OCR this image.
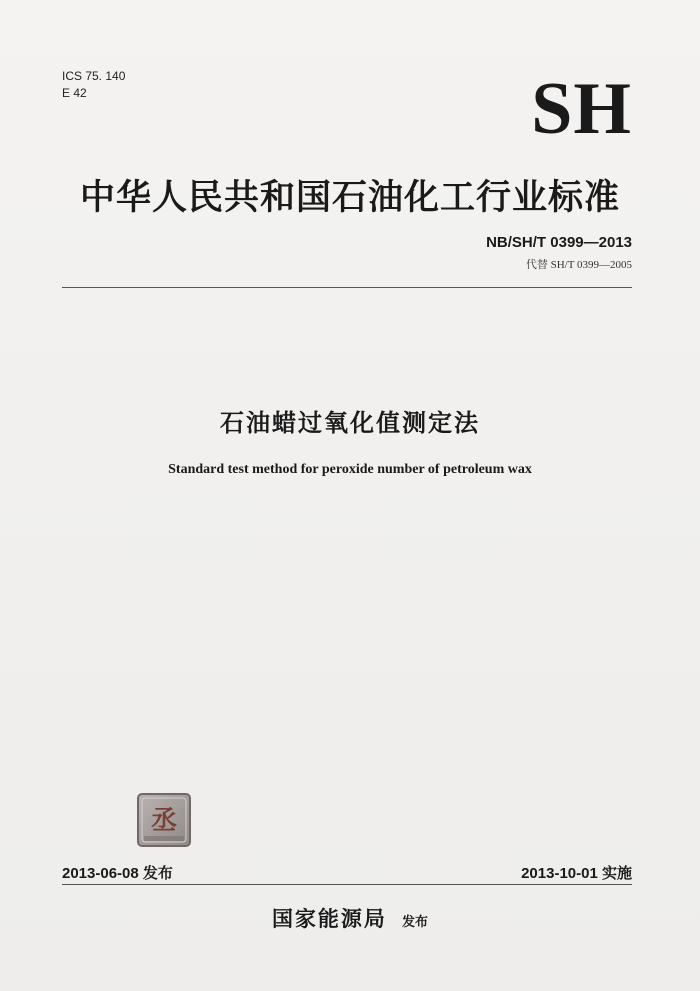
ICS 75. 140
E 42	SH
中华人民共和国石油化工行业标准
NB/SH/T 0399—2013
代替 SH/T 0399—2005
石油蜡过氧化值测定法
Standard test method for peroxide number of petroleum wax
丞
2013-06-08 发布	2013-10-01 实施
国家能源局 发布
